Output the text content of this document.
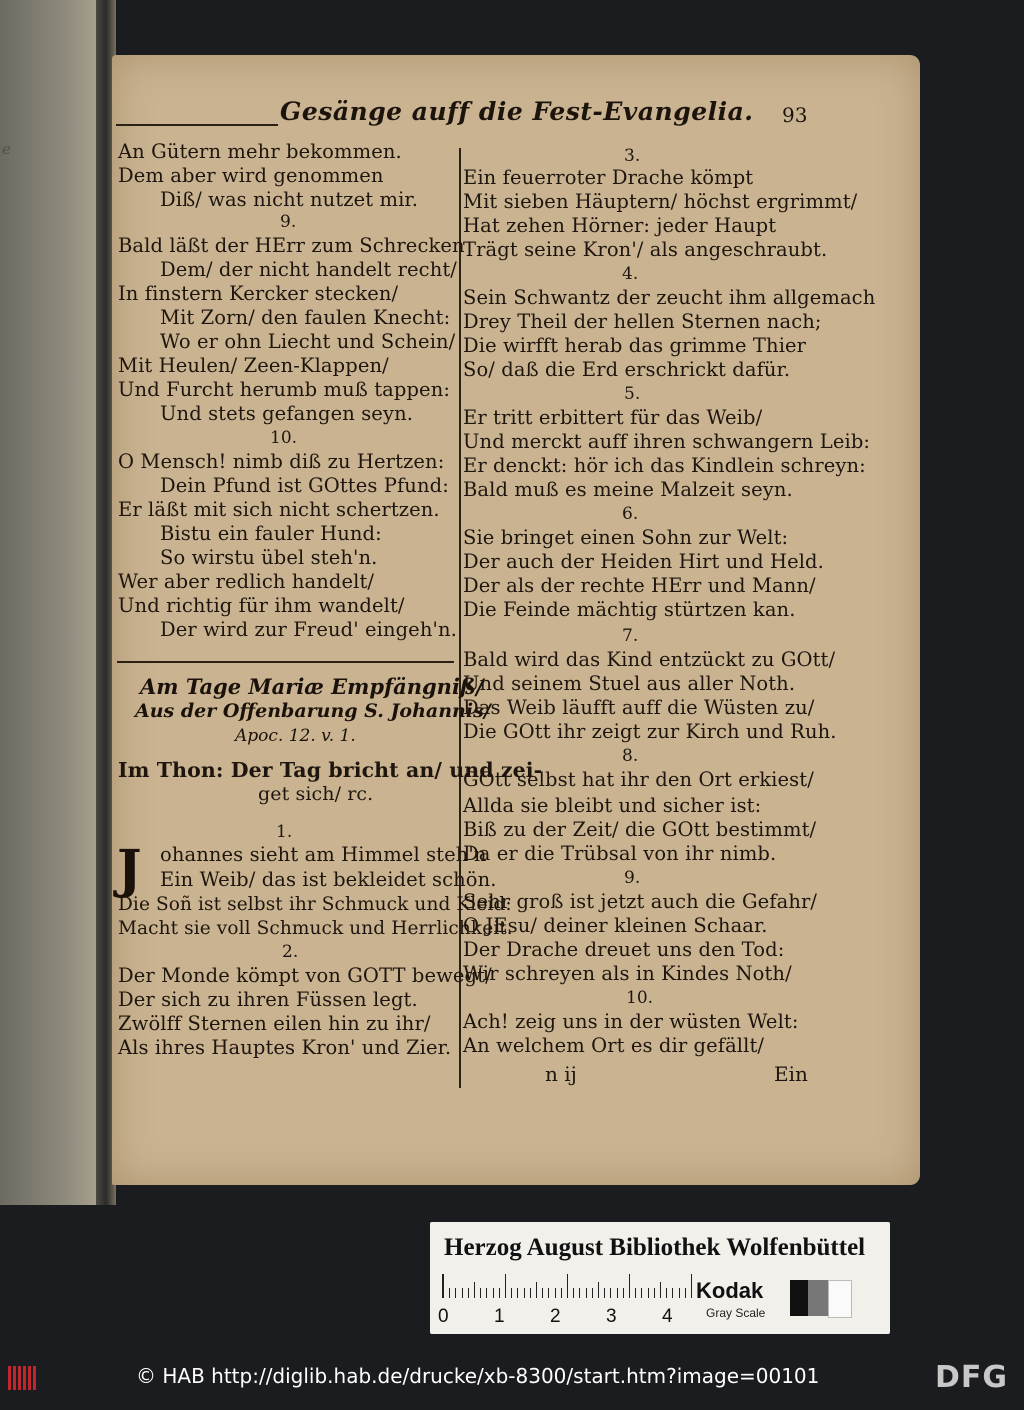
e
Gesänge auff die Fest-Evangelia. 93
An Gütern mehr bekommen.
Dem aber wird genommen
Diß/ was nicht nutzet mir.
9.
Bald läßt der HErr zum Schrecken
Dem/ der nicht handelt recht/
In finstern Kercker stecken/
Mit Zorn/ den faulen Knecht:
Wo er ohn Liecht und Schein/
Mit Heulen/ Zeen-Klappen/
Und Furcht herumb muß tappen:
Und stets gefangen seyn.
10.
O Mensch! nimb diß zu Hertzen:
Dein Pfund ist GOttes Pfund:
Er läßt mit sich nicht schertzen.
Bistu ein fauler Hund:
So wirstu übel steh'n.
Wer aber redlich handelt/
Und richtig für ihm wandelt/
Der wird zur Freud' eingeh'n.
Am Tage Mariæ Empfängniß/
Aus der Offenbarung S. Johannis/
Apoc. 12. v. 1.
Im Thon: Der Tag bricht an/ und zei-
get sich/ rc.
1.
J ohannes sieht am Himmel steh'n
Ein Weib/ das ist bekleidet schön.
Die Soñ ist selbst ihr Schmuck und Kleid:
Macht sie voll Schmuck und Herrlichkeit.
2.
Der Monde kömpt von GOTT bewegt/
Der sich zu ihren Füssen legt.
Zwölff Sternen eilen hin zu ihr/
Als ihres Hauptes Kron' und Zier.
3.
Ein feuerroter Drache kömpt
Mit sieben Häuptern/ höchst ergrimmt/
Hat zehen Hörner: jeder Haupt
Trägt seine Kron'/ als angeschraubt.
4.
Sein Schwantz der zeucht ihm allgemach
Drey Theil der hellen Sternen nach;
Die wirfft herab das grimme Thier
So/ daß die Erd erschrickt dafür.
5.
Er tritt erbittert für das Weib/
Und merckt auff ihren schwangern Leib:
Er denckt: hör ich das Kindlein schreyn:
Bald muß es meine Malzeit seyn.
6.
Sie bringet einen Sohn zur Welt:
Der auch der Heiden Hirt und Held.
Der als der rechte HErr und Mann/
Die Feinde mächtig stürtzen kan.
7.
Bald wird das Kind entzückt zu GOtt/
Und seinem Stuel aus aller Noth.
Das Weib läufft auff die Wüsten zu/
Die GOtt ihr zeigt zur Kirch und Ruh.
8.
GOtt selbst hat ihr den Ort erkiest/
Allda sie bleibt und sicher ist:
Biß zu der Zeit/ die GOtt bestimmt/
Da er die Trübsal von ihr nimb.
9.
Sehr groß ist jetzt auch die Gefahr/
O JEsu/ deiner kleinen Schaar.
Der Drache dreuet uns den Tod:
Wir schreyen als in Kindes Noth/
10.
Ach! zeig uns in der wüsten Welt:
An welchem Ort es dir gefällt/
n ij	Ein
Herzog August Bibliothek Wolfenbüttel
0 1 2 3 4
Kodak
Gray Scale
© HAB http://diglib.hab.de/drucke/xb-8300/start.htm?image=00101	DFG
